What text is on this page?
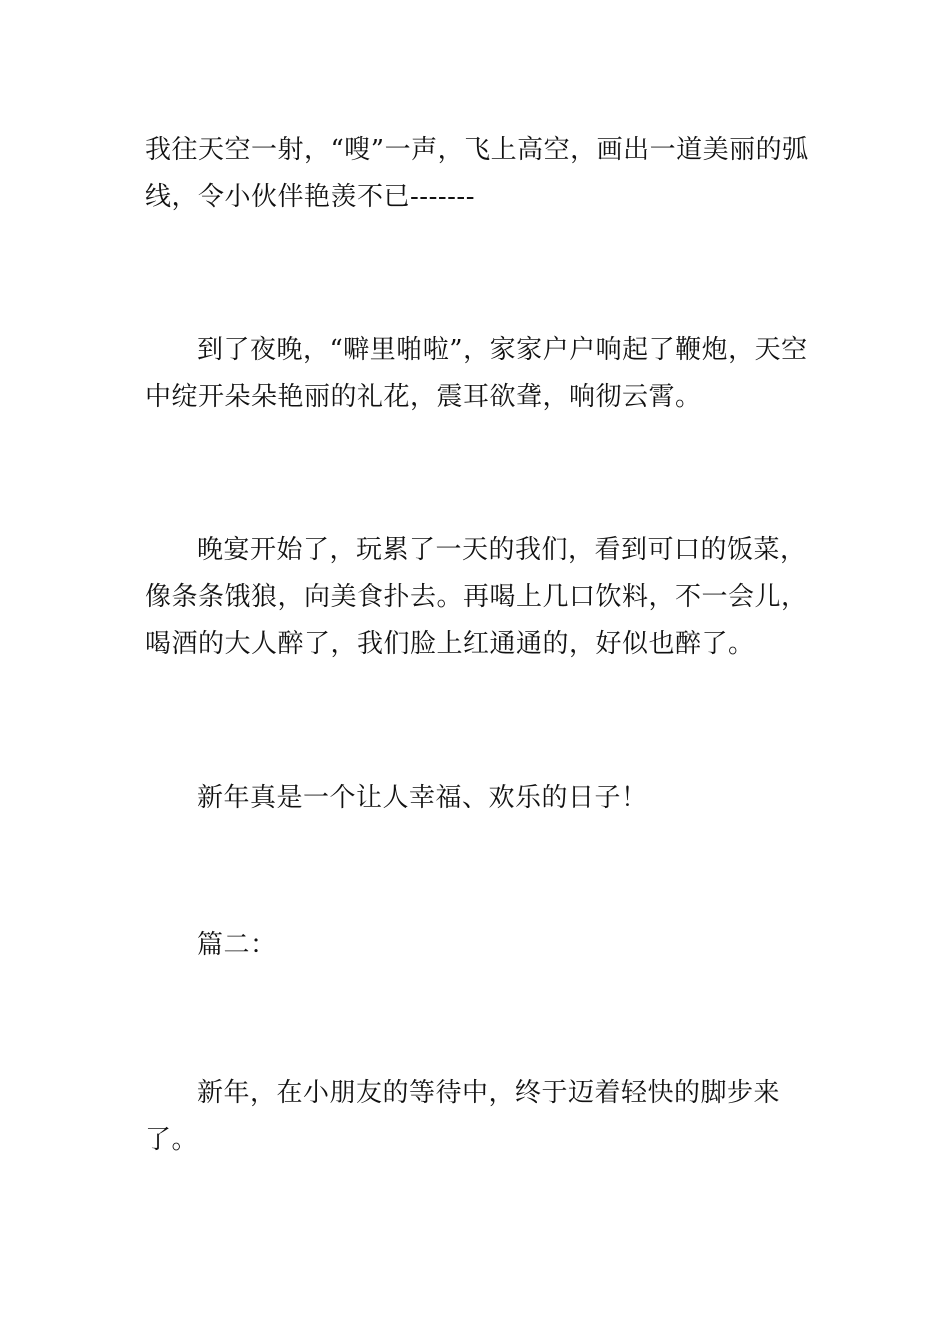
我往天空一射，“嗖”一声，飞上高空，画出一道美丽的弧线，令小伙伴艳羡不已-------

到了夜晚，“噼里啪啦”，家家户户响起了鞭炮，天空中绽开朵朵艳丽的礼花，震耳欲聋，响彻云霄。

晚宴开始了，玩累了一天的我们，看到可口的饭菜，像条条饿狼，向美食扑去。再喝上几口饮料，不一会儿，喝酒的大人醉了，我们脸上红通通的，好似也醉了。

新年真是一个让人幸福、欢乐的日子！

篇二：

新年，在小朋友的等待中，终于迈着轻快的脚步来了。
